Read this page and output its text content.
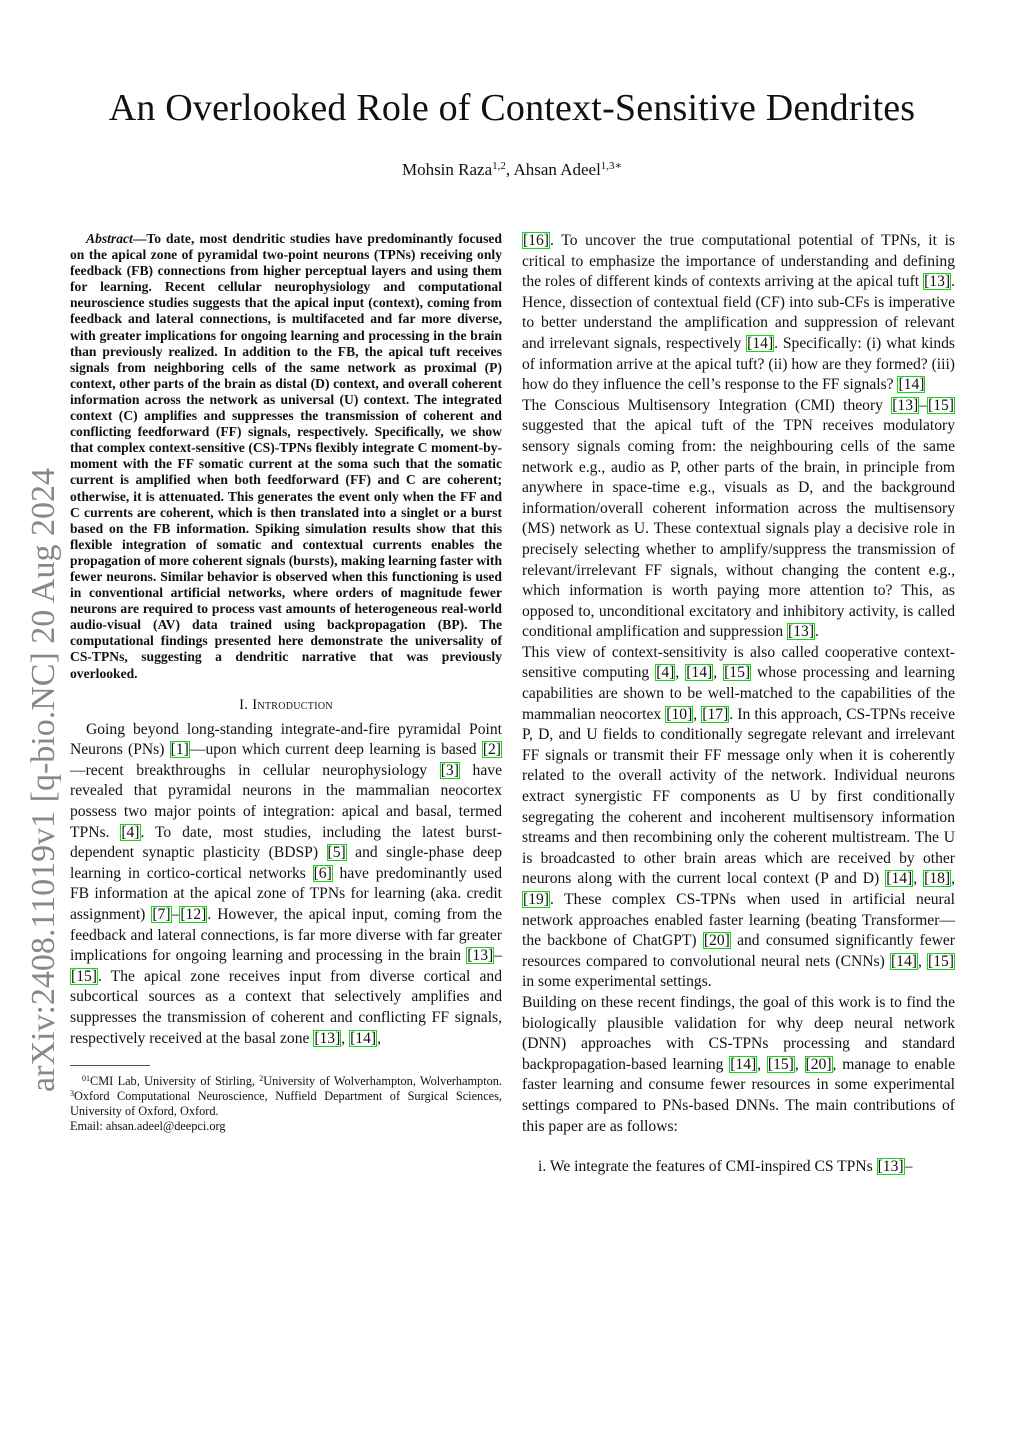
An Overlooked Role of Context-Sensitive Dendrites
Mohsin Raza$^{1,2}$, Ahsan Adeel$^{1,3∗}$
arXiv:2408.11019v1 [q-bio.NC] 20 Aug 2024

Abstract—To date, most dendritic studies have predominantly focused on the apical zone of pyramidal two-point neurons (TPNs) receiving only feedback (FB) connections from higher perceptual layers and using them for learning. Recent cellular neurophysiology and computational neuroscience studies suggests that the apical input (context), coming from feedback and lateral connections, is multifaceted and far more diverse, with greater implications for ongoing learning and processing in the brain than previously realized. In addition to the FB, the apical tuft receives signals from neighboring cells of the same network as proximal (P) context, other parts of the brain as distal (D) context, and overall coherent information across the network as universal (U) context. The integrated context (C) amplifies and suppresses the transmission of coherent and conflicting feedforward (FF) signals, respectively. Specifically, we show that complex context-sensitive (CS)-TPNs flexibly integrate C moment-by-moment with the FF somatic current at the soma such that the somatic current is amplified when both feedforward (FF) and C are coherent; otherwise, it is attenuated. This generates the event only when the FF and C currents are coherent, which is then translated into a singlet or a burst based on the FB information. Spiking simulation results show that this flexible integration of somatic and contextual currents enables the propagation of more coherent signals (bursts), making learning faster with fewer neurons. Similar behavior is observed when this functioning is used in conventional artificial networks, where orders of magnitude fewer neurons are required to process vast amounts of heterogeneous real-world audio-visual (AV) data trained using backpropagation (BP). The computational findings presented here demonstrate the universality of CS-TPNs, suggesting a dendritic narrative that was previously overlooked.

I. Introduction

Going beyond long-standing integrate-and-fire pyramidal Point Neurons (PNs) [1]—upon which current deep learning is based [2]—recent breakthroughs in cellular neurophysiology [3] have revealed that pyramidal neurons in the mammalian neocortex possess two major points of integration: apical and basal, termed TPNs. [4]. To date, most studies, including the latest burst-dependent synaptic plasticity (BDSP) [5] and single-phase deep learning in cortico-cortical networks [6] have predominantly used FB information at the apical zone of TPNs for learning (aka. credit assignment) [7]–[12]. However, the apical input, coming from the feedback and lateral connections, is far more diverse with far greater implications for ongoing learning and processing in the brain [13]–[15]. The apical zone receives input from diverse cortical and subcortical sources as a context that selectively amplifies and suppresses the transmission of coherent and conflicting FF signals, respectively received at the basal zone [13], [14],

$^{01}$CMI Lab, University of Stirling, $^2$University of Wolverhampton, Wolverhampton. $^3$Oxford Computational Neuroscience, Nuffield Department of Surgical Sciences, University of Oxford, Oxford.

Email: ahsan.adeel@deepci.org

[16]. To uncover the true computational potential of TPNs, it is critical to emphasize the importance of understanding and defining the roles of different kinds of contexts arriving at the apical tuft [13]. Hence, dissection of contextual field (CF) into sub-CFs is imperative to better understand the amplification and suppression of relevant and irrelevant signals, respectively [14]. Specifically: (i) what kinds of information arrive at the apical tuft? (ii) how are they formed? (iii) how do they influence the cell’s response to the FF signals? [14]

The Conscious Multisensory Integration (CMI) theory [13]–[15] suggested that the apical tuft of the TPN receives modulatory sensory signals coming from: the neighbouring cells of the same network e.g., audio as P, other parts of the brain, in principle from anywhere in space-time e.g., visuals as D, and the background information/overall coherent information across the multisensory (MS) network as U. These contextual signals play a decisive role in precisely selecting whether to amplify/suppress the transmission of relevant/irrelevant FF signals, without changing the content e.g., which information is worth paying more attention to? This, as opposed to, unconditional excitatory and inhibitory activity, is called conditional amplification and suppression [13].

This view of context-sensitivity is also called cooperative context-sensitive computing [4], [14], [15] whose processing and learning capabilities are shown to be well-matched to the capabilities of the mammalian neocortex [10], [17]. In this approach, CS-TPNs receive P, D, and U fields to conditionally segregate relevant and irrelevant FF signals or transmit their FF message only when it is coherently related to the overall activity of the network. Individual neurons extract synergistic FF components as U by first conditionally segregating the coherent and incoherent multisensory information streams and then recombining only the coherent multistream. The U is broadcasted to other brain areas which are received by other neurons along with the current local context (P and D) [14], [18], [19]. These complex CS-TPNs when used in artificial neural network approaches enabled faster learning (beating Transformer—the backbone of ChatGPT) [20] and consumed significantly fewer resources compared to convolutional neural nets (CNNs) [14], [15] in some experimental settings.

Building on these recent findings, the goal of this work is to find the biologically plausible validation for why deep neural network (DNN) approaches with CS-TPNs processing and standard backpropagation-based learning [14], [15], [20], manage to enable faster learning and consume fewer resources in some experimental settings compared to PNs-based DNNs. The main contributions of this paper are as follows:

i. We integrate the features of CMI-inspired CS TPNs [13]–
